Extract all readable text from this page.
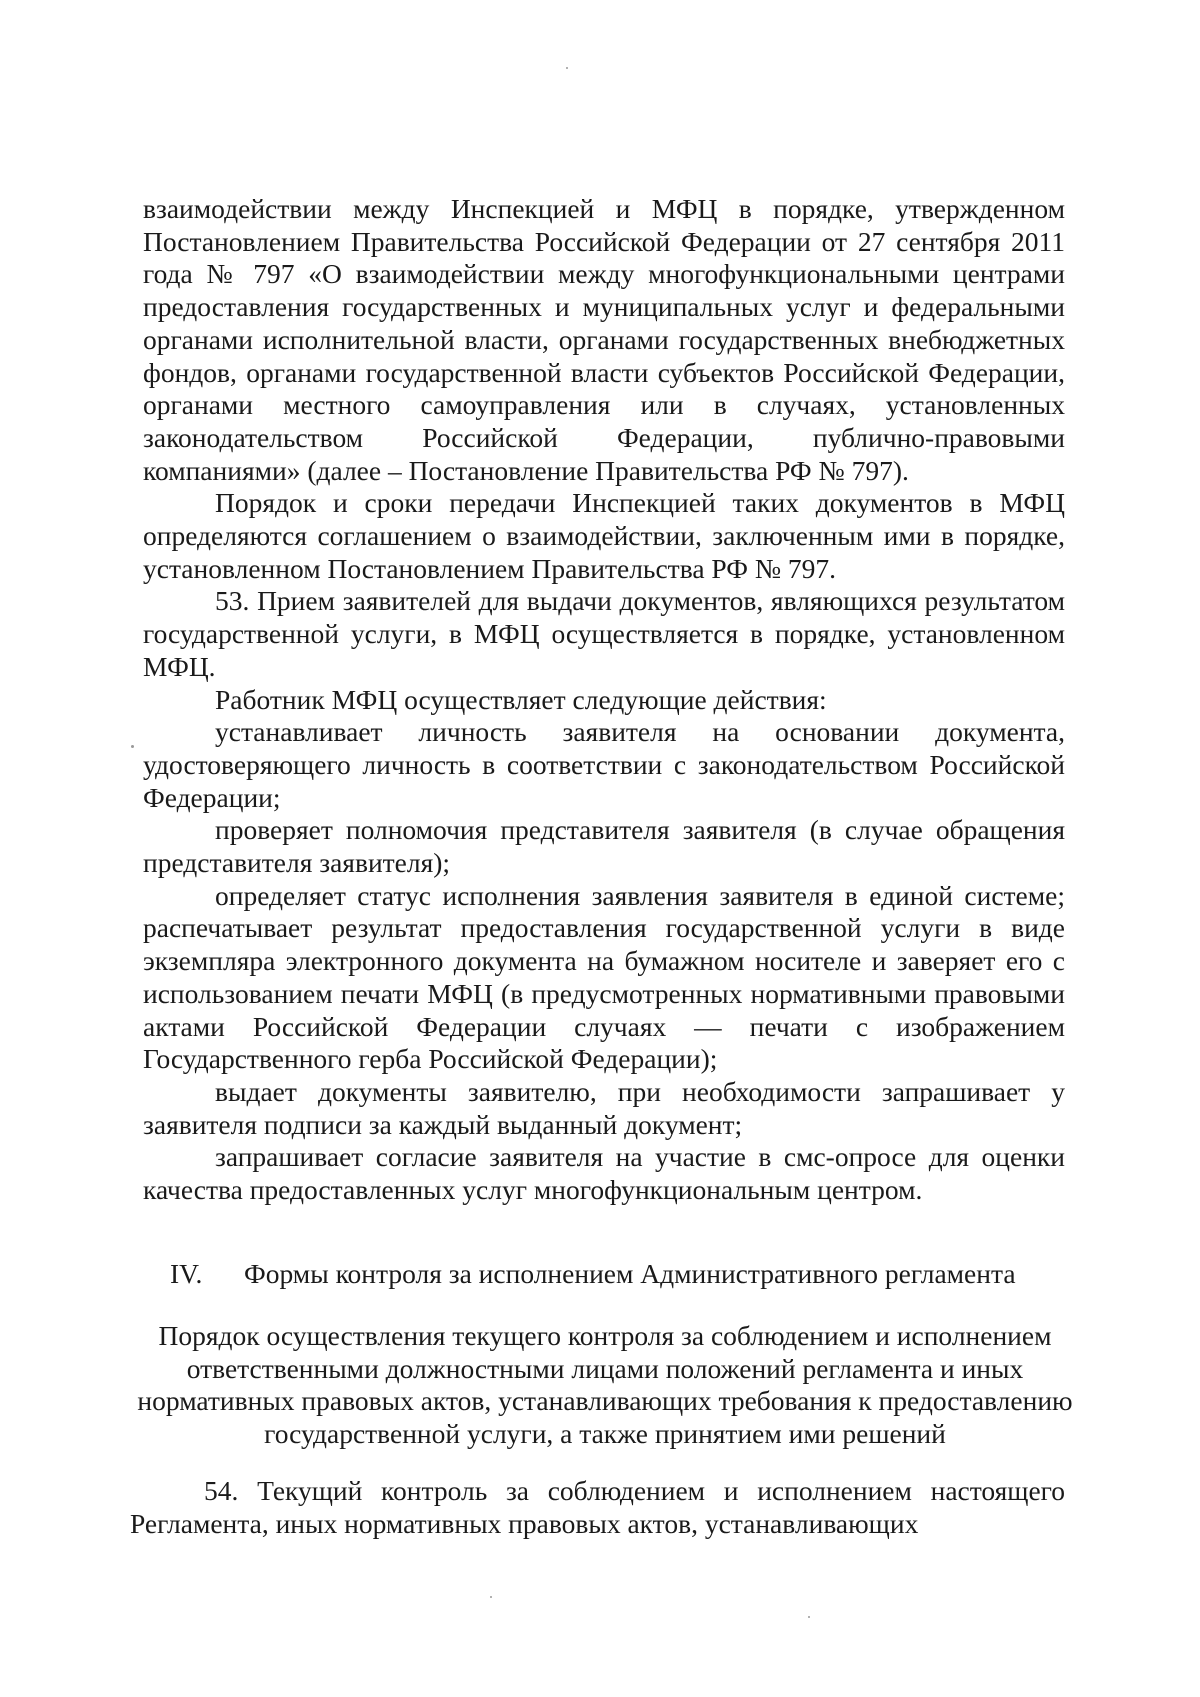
взаимодействии между Инспекцией и МФЦ в порядке, утвержденном Постановлением Правительства Российской Федерации от 27 сентября 2011 года № 797 «О взаимодействии между многофункциональными центрами предоставления государственных и муниципальных услуг и федеральными органами исполнительной власти, органами государственных внебюджетных фондов, органами государственной власти субъектов Российской Федерации, органами местного самоуправления или в случаях, установленных законодательством Российской Федерации, публично-правовыми компаниями» (далее – Постановление Правительства РФ № 797).

Порядок и сроки передачи Инспекцией таких документов в МФЦ определяются соглашением о взаимодействии, заключенным ими в порядке, установленном Постановлением Правительства РФ № 797.

53. Прием заявителей для выдачи документов, являющихся результатом государственной услуги, в МФЦ осуществляется в порядке, установленном МФЦ.

Работник МФЦ осуществляет следующие действия:

устанавливает личность заявителя на основании документа, удостоверяющего личность в соответствии с законодательством Российской Федерации;

проверяет полномочия представителя заявителя (в случае обращения представителя заявителя);

определяет статус исполнения заявления заявителя в единой системе; распечатывает результат предоставления государственной услуги в виде экземпляра электронного документа на бумажном носителе и заверяет его с использованием печати МФЦ (в предусмотренных нормативными правовыми актами Российской Федерации случаях — печати с изображением Государственного герба Российской Федерации);

выдает документы заявителю, при необходимости запрашивает у заявителя подписи за каждый выданный документ;

запрашивает согласие заявителя на участие в смс-опросе для оценки качества предоставленных услуг многофункциональным центром.

IV. Формы контроля за исполнением Административного регламента

Порядок осуществления текущего контроля за соблюдением и исполнением ответственными должностными лицами положений регламента и иных нормативных правовых актов, устанавливающих требования к предоставлению государственной услуги, а также принятием ими решений

54. Текущий контроль за соблюдением и исполнением настоящего Регламента, иных нормативных правовых актов, устанавливающих
